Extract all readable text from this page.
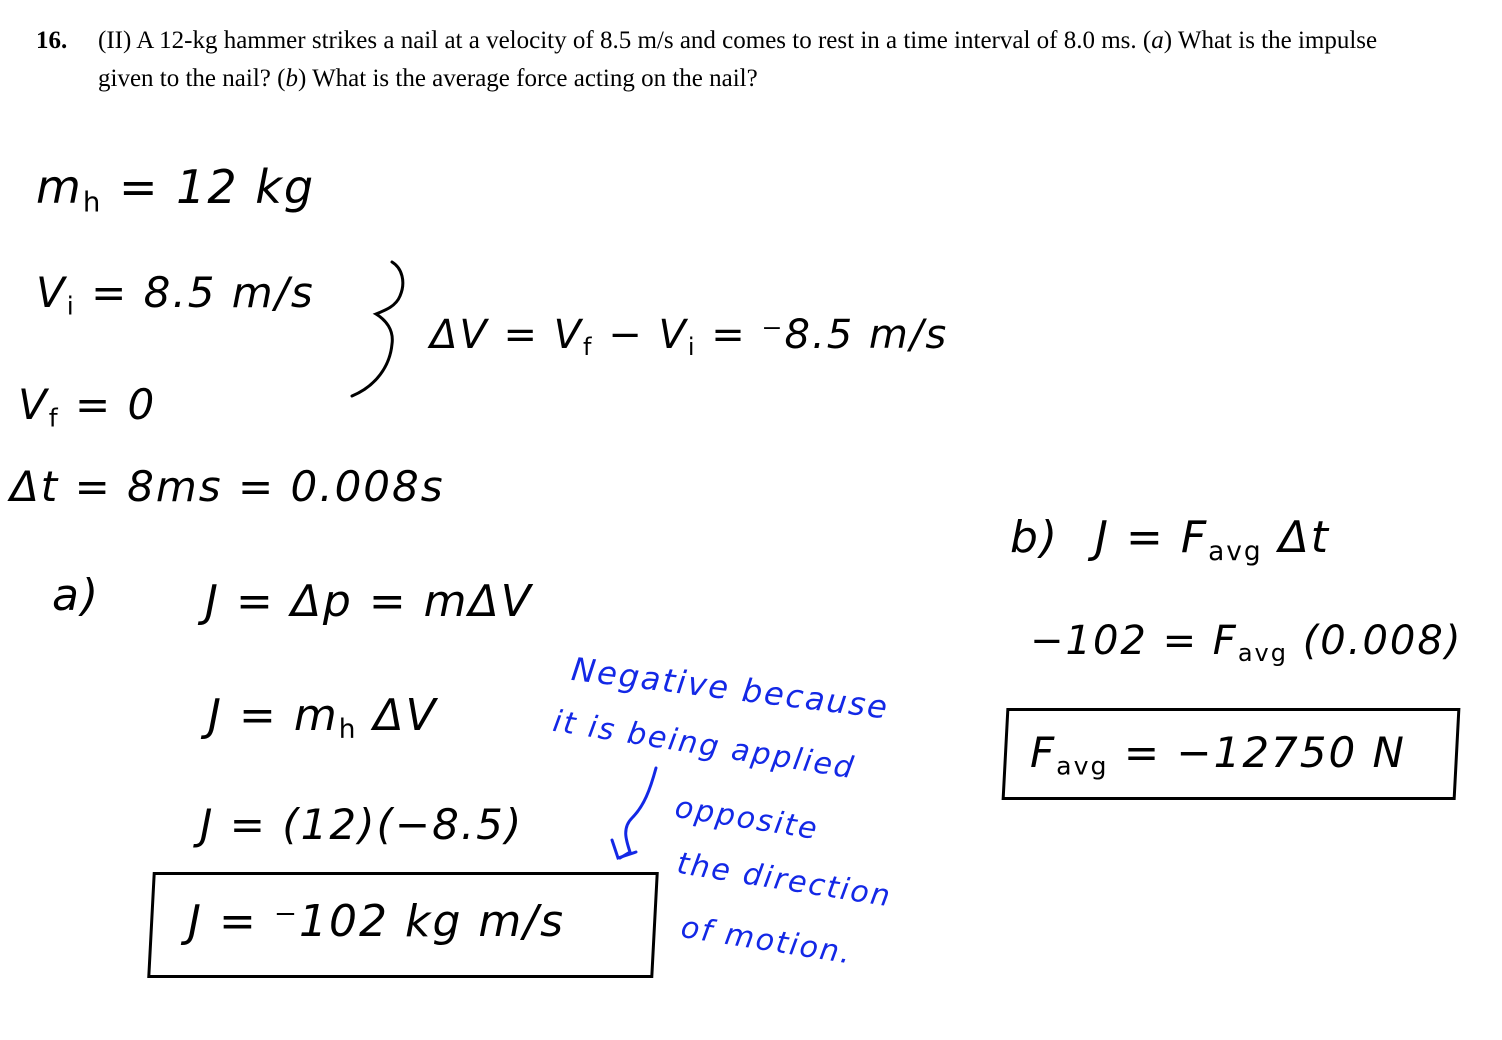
16. (II) A 12-kg hammer strikes a nail at a velocity of 8.5 m/s and comes to rest in a time interval of 8.0 ms. (a) What is the impulse given to the nail? (b) What is the average force acting on the nail?
$m_h = 12$ kg
$V_i = 8.5$ m/s
$\Delta V = V_f - V_i = ^-8.5$ m/s
$V_f = 0$
Δt = 8ms = 0.008s
a) J = Δp = mΔV
$J = m_h$ ΔV
J = (12)(−8.5)
J = ⁻102 kg m/s
Negative because
it is being applied
opposite
the direction
of motion.
b) $J = F_{avg}$ Δt
$-102 = F_{avg}$ (0.008)
$F_{avg} = -12750$ N
